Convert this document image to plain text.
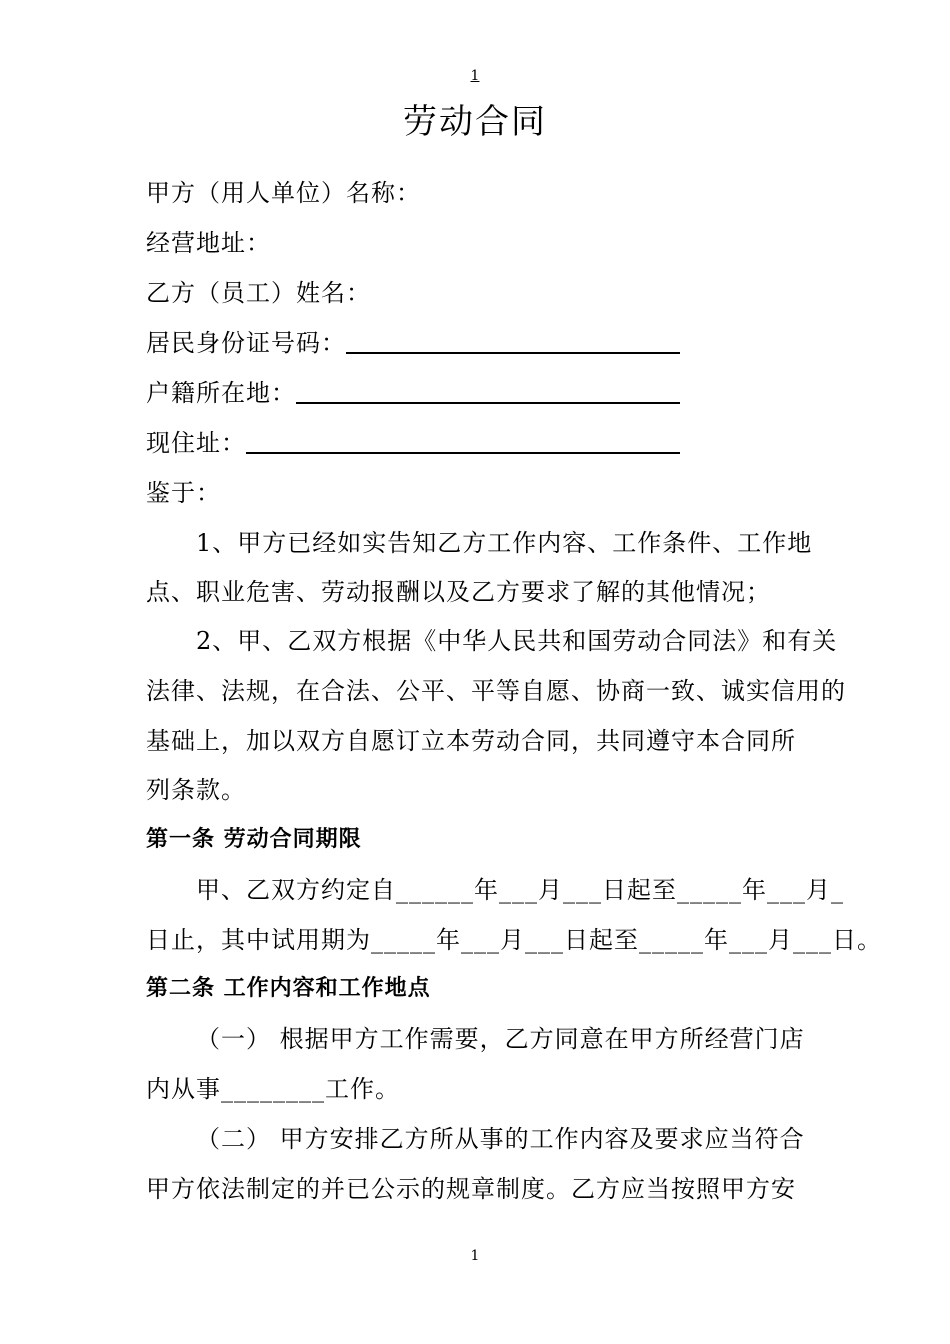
1
劳动合同
甲方（用人单位）名称：
经营地址：
乙方（员工）姓名：
居民身份证号码：
户籍所在地：
现住址：
鉴于：
1、甲方已经如实告知乙方工作内容、工作条件、工作地
点、职业危害、劳动报酬以及乙方要求了解的其他情况；
2、甲、乙双方根据《中华人民共和国劳动合同法》和有关
法律、法规，在合法、公平、平等自愿、协商一致、诚实信用的
基础上，加以双方自愿订立本劳动合同，共同遵守本合同所
列条款。
第一条 劳动合同期限
甲、乙双方约定自______年___月___日起至_____年___月_
日止，其中试用期为_____年___月___日起至_____年___月___日。
第二条 工作内容和工作地点
（一） 根据甲方工作需要，乙方同意在甲方所经营门店
内从事________工作。
（二） 甲方安排乙方所从事的工作内容及要求应当符合
甲方依法制定的并已公示的规章制度。乙方应当按照甲方安
1
